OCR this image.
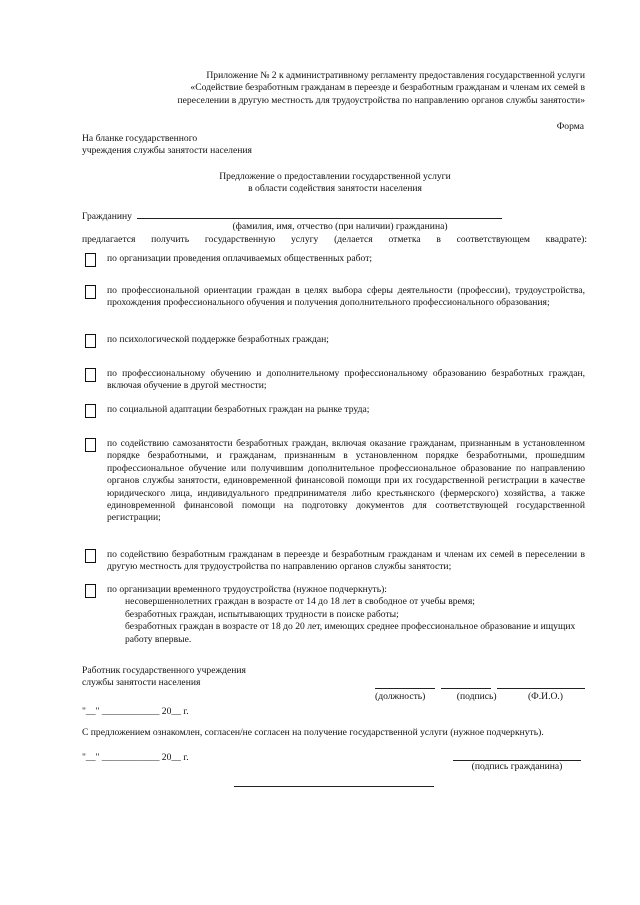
Приложение № 2 к административному регламенту предоставления государственной услуги
«Содействие безработным гражданам в переезде и безработным гражданам и членам их семей в
переселении в другую местность для трудоустройства по направлению органов службы занятости»
Форма
На бланке государственного
учреждения службы занятости населения
Предложение о предоставлении государственной услуги
в области содействия занятости населения
Гражданину
(фамилия, имя, отчество (при наличии) гражданина)
предлагается получить государственную услугу (делается отметка в соответствующем квадрате):
по организации проведения оплачиваемых общественных работ;
по профессиональной ориентации граждан в целях выбора сферы деятельности (профессии), трудоустройства, прохождения профессионального обучения и получения дополнительного профессионального образования;
по психологической поддержке безработных граждан;
по профессиональному обучению и дополнительному профессиональному образованию безработных граждан, включая обучение в другой местности;
по социальной адаптации безработных граждан на рынке труда;
по содействию самозанятости безработных граждан, включая оказание гражданам, признанным в установленном порядке безработными, и гражданам, признанным в установленном порядке безработными, прошедшим профессиональное обучение или получившим дополнительное профессиональное образование по направлению органов службы занятости, единовременной финансовой помощи при их государственной регистрации в качестве юридического лица, индивидуального предпринимателя либо крестьянского (фермерского) хозяйства, а также единовременной финансовой помощи на подготовку документов для соответствующей государственной регистрации;
по содействию безработным гражданам в переезде и безработным гражданам и членам их семей в переселении в другую местность для трудоустройства по направлению органов службы занятости;
по организации временного трудоустройства (нужное подчеркнуть):
несовершеннолетних граждан в возрасте от 14 до 18 лет в свободное от учебы время;
безработных граждан, испытывающих трудности в поиске работы;
безработных граждан в возрасте от 18 до 20 лет, имеющих среднее профессиональное образование и ищущих работу впервые.
Работник государственного учреждения
службы занятости населения
(должность)	(подпись)	(Ф.И.О.)
"__" ____________ 20__ г.
С предложением ознакомлен, согласен/не согласен на получение государственной услуги (нужное подчеркнуть).
"__" ____________ 20__ г.
(подпись гражданина)
